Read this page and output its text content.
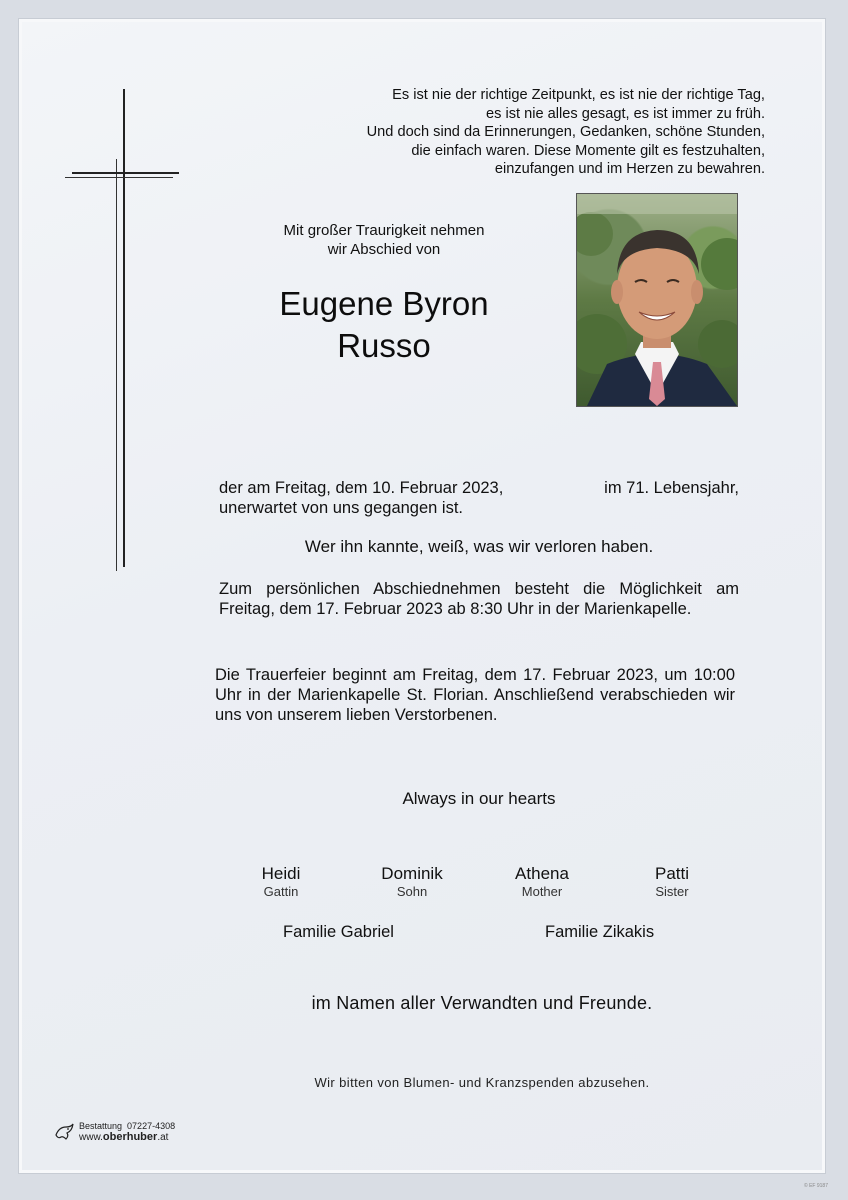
Es ist nie der richtige Zeitpunkt, es ist nie der richtige Tag,
es ist nie alles gesagt, es ist immer zu früh.
Und doch sind da Erinnerungen, Gedanken, schöne Stunden,
die einfach waren. Diese Momente gilt es festzuhalten,
einzufangen und im Herzen zu bewahren.
Mit großer Traurigkeit nehmen
wir Abschied von
Eugene Byron
Russo
der am Freitag, dem 10. Februar 2023,	im 71. Lebensjahr,
unerwartet von uns gegangen ist.
Wer ihn kannte, weiß, was wir verloren haben.
Zum persönlichen Abschiednehmen besteht die Möglichkeit am Freitag, dem 17. Februar 2023 ab 8:30 Uhr in der Marienkapelle.
Die Trauerfeier beginnt am Freitag, dem 17. Februar 2023, um 10:00 Uhr in der Marienkapelle St. Florian. Anschließend verabschieden wir uns von unserem lieben Verstorbenen.
Always in our hearts
Heidi
Gattin
Dominik
Sohn
Athena
Mother
Patti
Sister
Familie Gabriel	Familie Zikakis
im Namen aller Verwandten und Freunde.
Wir bitten von Blumen- und Kranzspenden abzusehen.
Bestattung 07227-4308
www.oberhuber.at
© EF 9187
